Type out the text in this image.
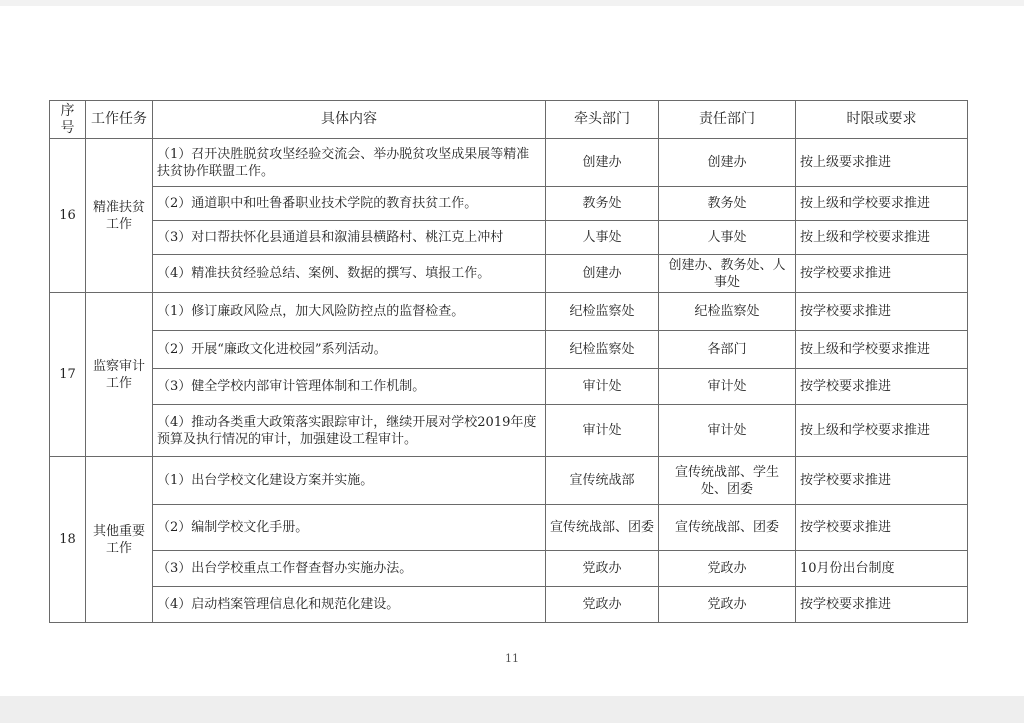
序号	工作任务	具体内容	牵头部门	责任部门	时限或要求
16	精准扶贫工作	（1）召开决胜脱贫攻坚经验交流会、举办脱贫攻坚成果展等精准扶贫协作联盟工作。	创建办	创建办	按上级要求推进
		（2）通道职中和吐鲁番职业技术学院的教育扶贫工作。	教务处	教务处	按上级和学校要求推进
		（3）对口帮扶怀化县通道县和溆浦县横路村、桃江克上冲村	人事处	人事处	按上级和学校要求推进
		（4）精准扶贫经验总结、案例、数据的撰写、填报工作。	创建办	创建办、教务处、人事处	按学校要求推进
17	监察审计工作	（1）修订廉政风险点，加大风险防控点的监督检查。	纪检监察处	纪检监察处	按学校要求推进
		（2）开展“廉政文化进校园”系列活动。	纪检监察处	各部门	按上级和学校要求推进
		（3）健全学校内部审计管理体制和工作机制。	审计处	审计处	按学校要求推进
		（4）推动各类重大政策落实跟踪审计，继续开展对学校2019年度预算及执行情况的审计，加强建设工程审计。	审计处	审计处	按上级和学校要求推进
18	其他重要工作	（1）出台学校文化建设方案并实施。	宣传统战部	宣传统战部、学生处、团委	按学校要求推进
		（2）编制学校文化手册。	宣传统战部、团委	宣传统战部、团委	按学校要求推进
		（3）出台学校重点工作督查督办实施办法。	党政办	党政办	10月份出台制度
		（4）启动档案管理信息化和规范化建设。	党政办	党政办	按学校要求推进
11
